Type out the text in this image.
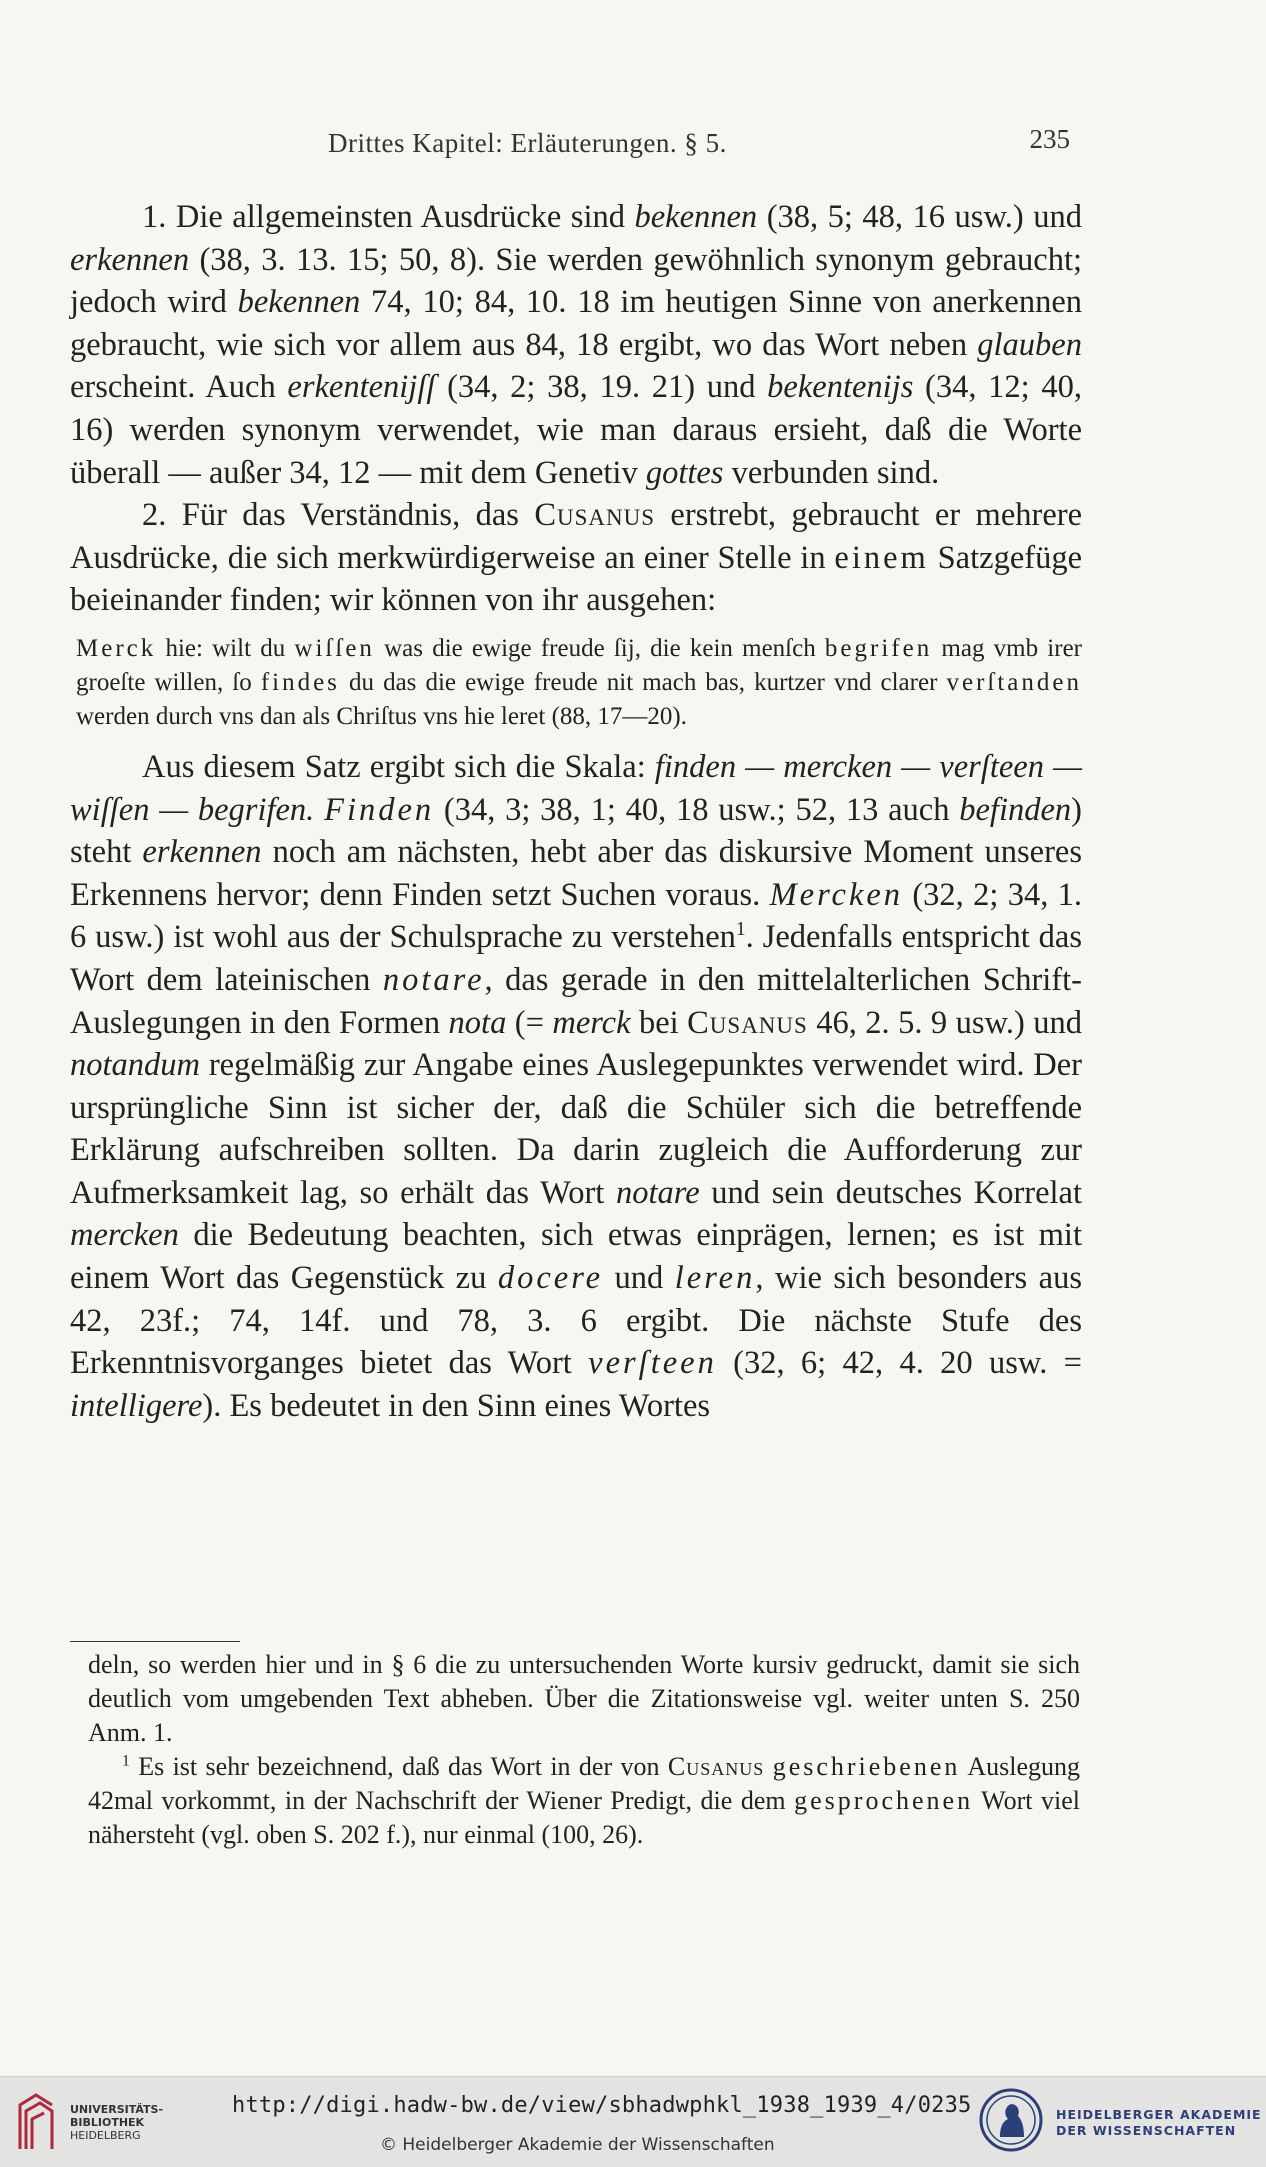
Drittes Kapitel: Erläuterungen. § 5.	235

1. Die allgemeinsten Ausdrücke sind bekennen (38, 5; 48, 16 usw.) und erkennen (38, 3. 13. 15; 50, 8). Sie werden gewöhnlich synonym gebraucht; jedoch wird bekennen 74, 10; 84, 10. 18 im heutigen Sinne von anerkennen gebraucht, wie sich vor allem aus 84, 18 ergibt, wo das Wort neben glauben erscheint. Auch erkentenijſſ (34, 2; 38, 19. 21) und bekentenijs (34, 12; 40, 16) werden synonym verwendet, wie man daraus ersieht, daß die Worte überall — außer 34, 12 — mit dem Genetiv gottes verbunden sind.

2. Für das Verständnis, das Cusanus erstrebt, gebraucht er mehrere Ausdrücke, die sich merkwürdigerweise an einer Stelle in einem Satzgefüge beieinander finden; wir können von ihr ausgehen:

Merck hie: wilt du wiſſen was die ewige freude ſij, die kein menſch begrifen mag vmb irer groeſte willen, ſo findes du das die ewige freude nit mach bas, kurtzer vnd clarer verſtanden werden durch vns dan als Chriſtus vns hie leret (88, 17—20).

Aus diesem Satz ergibt sich die Skala: finden — mercken — verſteen — wiſſen — begrifen. Finden (34, 3; 38, 1; 40, 18 usw.; 52, 13 auch befinden) steht erkennen noch am nächsten, hebt aber das diskursive Moment unseres Erkennens hervor; denn Finden setzt Suchen voraus. Mercken (32, 2; 34, 1. 6 usw.) ist wohl aus der Schulsprache zu verstehen$^1$. Jedenfalls entspricht das Wort dem lateinischen notare, das gerade in den mittelalterlichen Schrift-Auslegungen in den Formen nota (= merck bei Cusanus 46, 2. 5. 9 usw.) und notandum regelmäßig zur Angabe eines Auslegepunktes verwendet wird. Der ursprüngliche Sinn ist sicher der, daß die Schüler sich die betreffende Erklärung aufschreiben sollten. Da darin zugleich die Aufforderung zur Aufmerksamkeit lag, so erhält das Wort notare und sein deutsches Korrelat mercken die Bedeutung beachten, sich etwas einprägen, lernen; es ist mit einem Wort das Gegenstück zu docere und leren, wie sich besonders aus 42, 23f.; 74, 14f. und 78, 3. 6 ergibt. Die nächste Stufe des Erkenntnisvorganges bietet das Wort verſteen (32, 6; 42, 4. 20 usw. = intelligere). Es bedeutet in den Sinn eines Wortes

deln, so werden hier und in § 6 die zu untersuchenden Worte kursiv gedruckt, damit sie sich deutlich vom umgebenden Text abheben. Über die Zitationsweise vgl. weiter unten S. 250 Anm. 1.

$^1$ Es ist sehr bezeichnend, daß das Wort in der von Cusanus geschriebenen Auslegung 42mal vorkommt, in der Nachschrift der Wiener Predigt, die dem gesprochenen Wort viel nähersteht (vgl. oben S. 202 f.), nur einmal (100, 26).

UNIVERSITÄTS-
BIBLIOTHEK
HEIDELBERG
http://digi.hadw-bw.de/view/sbhadwphkl_1938_1939_4/0235
© Heidelberger Akademie der Wissenschaften
HEIDELBERGER AKADEMIE
DER WISSENSCHAFTEN
